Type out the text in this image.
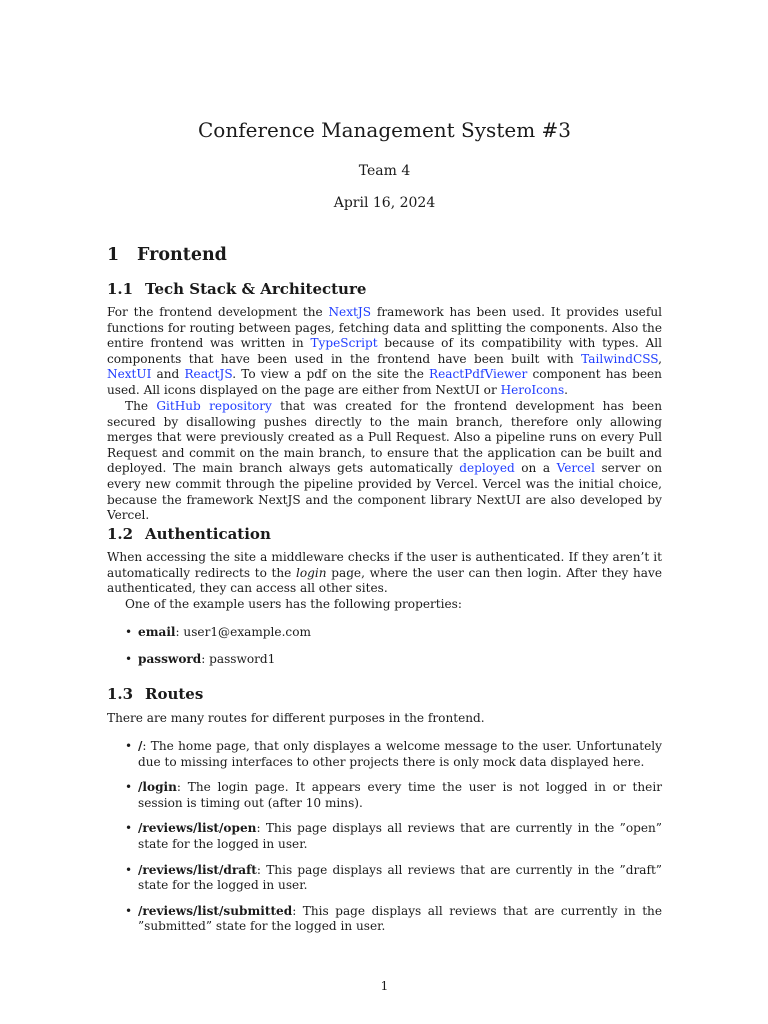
Conference Management System #3
Team 4
April 16, 2024
1 Frontend
1.1 Tech Stack & Architecture
For the frontend development the NextJS framework has been used. It provides useful functions for routing between pages, fetching data and splitting the components. Also the entire frontend was written in TypeScript because of its compatibility with types. All components that have been used in the frontend have been built with TailwindCSS, NextUI and ReactJS. To view a pdf on the site the ReactPdfViewer component has been used. All icons displayed on the page are either from NextUI or HeroIcons.
The GitHub repository that was created for the frontend development has been secured by disallowing pushes directly to the main branch, therefore only allowing merges that were previously created as a Pull Request. Also a pipeline runs on every Pull Request and commit on the main branch, to ensure that the application can be built and deployed. The main branch always gets automatically deployed on a Vercel server on every new commit through the pipeline provided by Vercel. Vercel was the initial choice, because the framework NextJS and the component library NextUI are also developed by Vercel.
1.2 Authentication
When accessing the site a middleware checks if the user is authenticated. If they aren’t it automatically redirects to the login page, where the user can then login. After they have authenticated, they can access all other sites.
One of the example users has the following properties:
• email: user1@example.com
• password: password1
1.3 Routes
There are many routes for different purposes in the frontend.
• /: The home page, that only displayes a welcome message to the user. Unfortunately due to missing interfaces to other projects there is only mock data displayed here.
• /login: The login page. It appears every time the user is not logged in or their session is timing out (after 10 mins).
• /reviews/list/open: This page displays all reviews that are currently in the ”open” state for the logged in user.
• /reviews/list/draft: This page displays all reviews that are currently in the ”draft” state for the logged in user.
• /reviews/list/submitted: This page displays all reviews that are currently in the ”submitted” state for the logged in user.
1
